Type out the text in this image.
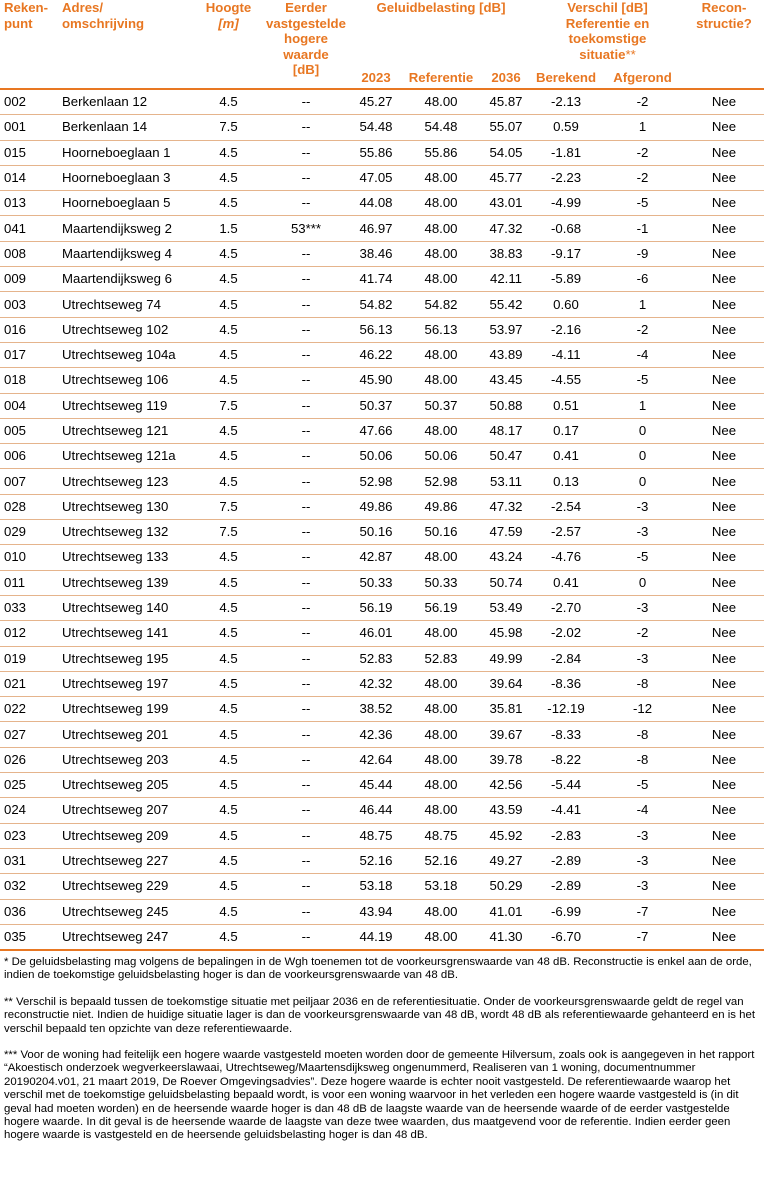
Reken-
punt	Adres/
omschrijving	Hoogte
[m]	Eerder
vastgestelde
hogere
waarde
[dB]	Geluidbelasting [dB]			Verschil [dB]
Referentie en
toekomstige
situatie**		Recon-
structie?
				2023	Referentie	2036	Berekend	Afgerond	
002	Berkenlaan 12	4.5	--	45.27	48.00	45.87	-2.13	-2	Nee
001	Berkenlaan 14	7.5	--	54.48	54.48	55.07	0.59	1	Nee
015	Hoorneboeglaan 1	4.5	--	55.86	55.86	54.05	-1.81	-2	Nee
014	Hoorneboeglaan 3	4.5	--	47.05	48.00	45.77	-2.23	-2	Nee
013	Hoorneboeglaan 5	4.5	--	44.08	48.00	43.01	-4.99	-5	Nee
041	Maartendijksweg 2	1.5	53***	46.97	48.00	47.32	-0.68	-1	Nee
008	Maartendijksweg 4	4.5	--	38.46	48.00	38.83	-9.17	-9	Nee
009	Maartendijksweg 6	4.5	--	41.74	48.00	42.11	-5.89	-6	Nee
003	Utrechtseweg 74	4.5	--	54.82	54.82	55.42	0.60	1	Nee
016	Utrechtseweg 102	4.5	--	56.13	56.13	53.97	-2.16	-2	Nee
017	Utrechtseweg 104a	4.5	--	46.22	48.00	43.89	-4.11	-4	Nee
018	Utrechtseweg 106	4.5	--	45.90	48.00	43.45	-4.55	-5	Nee
004	Utrechtseweg 119	7.5	--	50.37	50.37	50.88	0.51	1	Nee
005	Utrechtseweg 121	4.5	--	47.66	48.00	48.17	0.17	0	Nee
006	Utrechtseweg 121a	4.5	--	50.06	50.06	50.47	0.41	0	Nee
007	Utrechtseweg 123	4.5	--	52.98	52.98	53.11	0.13	0	Nee
028	Utrechtseweg 130	7.5	--	49.86	49.86	47.32	-2.54	-3	Nee
029	Utrechtseweg 132	7.5	--	50.16	50.16	47.59	-2.57	-3	Nee
010	Utrechtseweg 133	4.5	--	42.87	48.00	43.24	-4.76	-5	Nee
011	Utrechtseweg 139	4.5	--	50.33	50.33	50.74	0.41	0	Nee
033	Utrechtseweg 140	4.5	--	56.19	56.19	53.49	-2.70	-3	Nee
012	Utrechtseweg 141	4.5	--	46.01	48.00	45.98	-2.02	-2	Nee
019	Utrechtseweg 195	4.5	--	52.83	52.83	49.99	-2.84	-3	Nee
021	Utrechtseweg 197	4.5	--	42.32	48.00	39.64	-8.36	-8	Nee
022	Utrechtseweg 199	4.5	--	38.52	48.00	35.81	-12.19	-12	Nee
027	Utrechtseweg 201	4.5	--	42.36	48.00	39.67	-8.33	-8	Nee
026	Utrechtseweg 203	4.5	--	42.64	48.00	39.78	-8.22	-8	Nee
025	Utrechtseweg 205	4.5	--	45.44	48.00	42.56	-5.44	-5	Nee
024	Utrechtseweg 207	4.5	--	46.44	48.00	43.59	-4.41	-4	Nee
023	Utrechtseweg 209	4.5	--	48.75	48.75	45.92	-2.83	-3	Nee
031	Utrechtseweg 227	4.5	--	52.16	52.16	49.27	-2.89	-3	Nee
032	Utrechtseweg 229	4.5	--	53.18	53.18	50.29	-2.89	-3	Nee
036	Utrechtseweg 245	4.5	--	43.94	48.00	41.01	-6.99	-7	Nee
035	Utrechtseweg 247	4.5	--	44.19	48.00	41.30	-6.70	-7	Nee

* De geluidsbelasting mag volgens de bepalingen in de Wgh toenemen tot de voorkeursgrenswaarde van 48 dB. Reconstructie is enkel aan de orde, indien de toekomstige geluidsbelasting hoger is dan de voorkeursgrenswaarde van 48 dB.

** Verschil is bepaald tussen de toekomstige situatie met peiljaar 2036 en de referentiesituatie. Onder de voorkeursgrenswaarde geldt de regel van reconstructie niet. Indien de huidige situatie lager is dan de voorkeursgrenswaarde van 48 dB, wordt 48 dB als referentiewaarde gehanteerd en is het verschil bepaald ten opzichte van deze referentiewaarde.

*** Voor de woning had feitelijk een hogere waarde vastgesteld moeten worden door de gemeente Hilversum, zoals ook is aangegeven in het rapport “Akoestisch onderzoek wegverkeerslawaai, Utrechtseweg/Maartensdijksweg ongenummerd, Realiseren van 1 woning, documentnummer 20190204.v01, 21 maart 2019, De Roever Omgevingsadvies”. Deze hogere waarde is echter nooit vastgesteld. De referentiewaarde waarop het verschil met de toekomstige geluidsbelasting bepaald wordt, is voor een woning waarvoor in het verleden een hogere waarde vastgesteld is (in dit geval had moeten worden) en de heersende waarde hoger is dan 48 dB de laagste waarde van de heersende waarde of de eerder vastgestelde hogere waarde. In dit geval is de heersende waarde de laagste van deze twee waarden, dus maatgevend voor de referentie. Indien eerder geen hogere waarde is vastgesteld en de heersende geluidsbelasting hoger is dan 48 dB.
